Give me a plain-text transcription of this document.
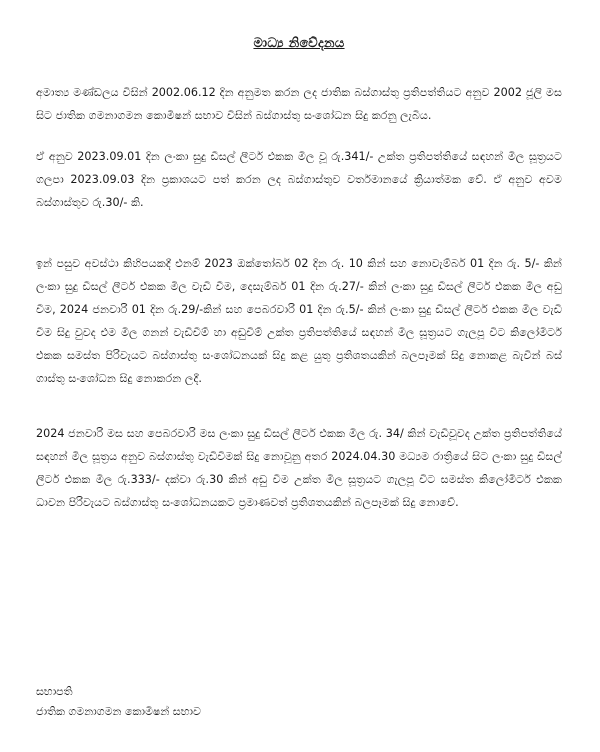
මාධ්‍ය නිවේදනය

අමාත්‍ය මණ්ඩලය විසින් 2002.06.12 දින අනුමත කරන ලද ජාතික බස්ගාස්තු ප්‍රතිපත්තියට අනුව 2002 ජූලි මස සිට ජාතික ගමනාගමන කොමිෂන් සභාව විසින් බස්ගාස්තු සංශෝධන සිදු කරනු ලැබිය.

ඒ අනුව 2023.09.01 දින ලංකා සුදු ඩීසල් ලීටර් එකක මිල වූ රු.341/- උක්ත ප්‍රතිපත්තියේ සඳහන් මිල සූත්‍රයට ගලපා 2023.09.03 දින ප්‍රකාශයට පත් කරන ලද බස්ගාස්තුව වර්තමානයේ ක්‍රියාත්මක වේ. ඒ අනුව අවම බස්ගාස්තුව රු.30/- කි.

ඉන් පසුව අවස්ථා කිහිපයකදී එනම් 2023 ඔක්තෝබර් 02 දින රු. 10 කින් සහ නොවැම්බර් 01 දින රු. 5/- කින් ලංකා සුදු ඩීසල් ලීටර් එකක මිල වැඩි වීම, දෙසැම්බර් 01 දින රු.27/- කින් ලංකා සුදු ඩීසල් ලීටර් එකක මිල අඩු වීම, 2024 ජනවාරි 01 දින රු.29/-කින් සහ පෙබරවාරි 01 දින රු.5/- කින් ලංකා සුදු ඩීසල් ලීටර් එකක මිල වැඩි වීම සිදු වුවද එම මිල ගනන් වැඩිවීම් හා අඩුවීම් උක්ත ප්‍රතිපත්තියේ සඳහන් මිල සූත්‍රයට ගැලපූ විට කිලෝමීටර් එකක සමස්ත පිරිවැයට බස්ගාස්තු සංශෝධනයක් සිදු කළ යුතු ප්‍රතිශතයකින් බලපෑමක් සිදු නොකළ බැවින් බස් ගාස්තු සංශෝධන සිදු නොකරන ලදී.

2024 ජනවාරි මස සහ පෙබරවාරි මස ලංකා සුදු ඩීසල් ලීටර් එකක මිල රු. 34/ කින් වැඩිවූවද උක්ත ප්‍රතිපත්තියේ සඳහන් මිල සූත්‍රය අනුව බස්ගාස්තු වැඩිවීමක් සිදු නොවූනු අතර 2024.04.30 මධ්‍යම රාත්‍රියේ සිට ලංකා සුදු ඩීසල් ලීටර් එකක මිල රු.333/- දක්වා රු.30 කින් අඩු වීම උක්ත මිල සූත්‍රයට ගැලපූ විට සමස්ත කිලෝමීටර් එකක ධාවන පිරිවැයට බස්ගාස්තු සංශෝධනයකට ප්‍රමාණවත් ප්‍රතිශතයකින් බලපෑමක් සිදු නොවේ.

සභාපති
ජාතික ගමනාගමන කොමිෂන් සභාව
